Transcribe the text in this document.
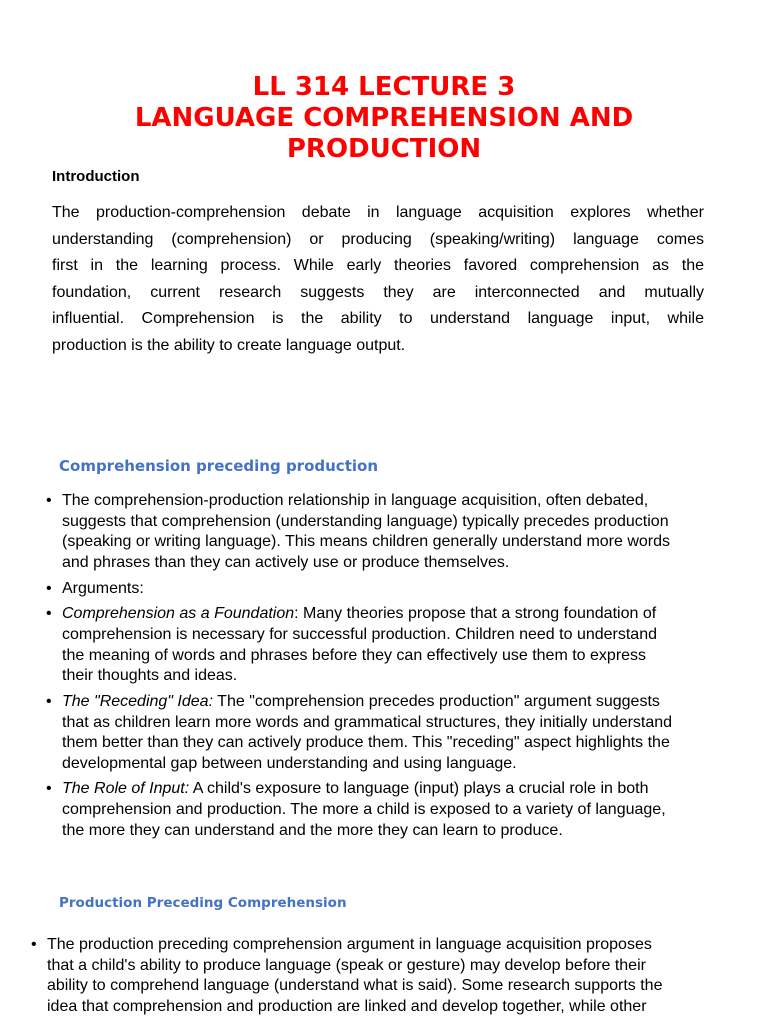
LL 314 LECTURE 3
LANGUAGE COMPREHENSION AND
PRODUCTION
Introduction
The production-comprehension debate in language acquisition explores whether
understanding (comprehension) or producing (speaking/writing) language comes
first in the learning process. While early theories favored comprehension as the
foundation, current research suggests they are interconnected and mutually
influential. Comprehension is the ability to understand language input, while
production is the ability to create language output.
Comprehension preceding production
• The comprehension-production relationship in language acquisition, often debated,
suggests that comprehension (understanding language) typically precedes production
(speaking or writing language). This means children generally understand more words
and phrases than they can actively use or produce themselves.
• Arguments:
• Comprehension as a Foundation: Many theories propose that a strong foundation of
comprehension is necessary for successful production. Children need to understand
the meaning of words and phrases before they can effectively use them to express
their thoughts and ideas.
• The "Receding" Idea: The "comprehension precedes production" argument suggests
that as children learn more words and grammatical structures, they initially understand
them better than they can actively produce them. This "receding" aspect highlights the
developmental gap between understanding and using language.
• The Role of Input: A child's exposure to language (input) plays a crucial role in both
comprehension and production. The more a child is exposed to a variety of language,
the more they can understand and the more they can learn to produce.
Production Preceding Comprehension
• The production preceding comprehension argument in language acquisition proposes
that a child's ability to produce language (speak or gesture) may develop before their
ability to comprehend language (understand what is said). Some research supports the
idea that comprehension and production are linked and develop together, while other
